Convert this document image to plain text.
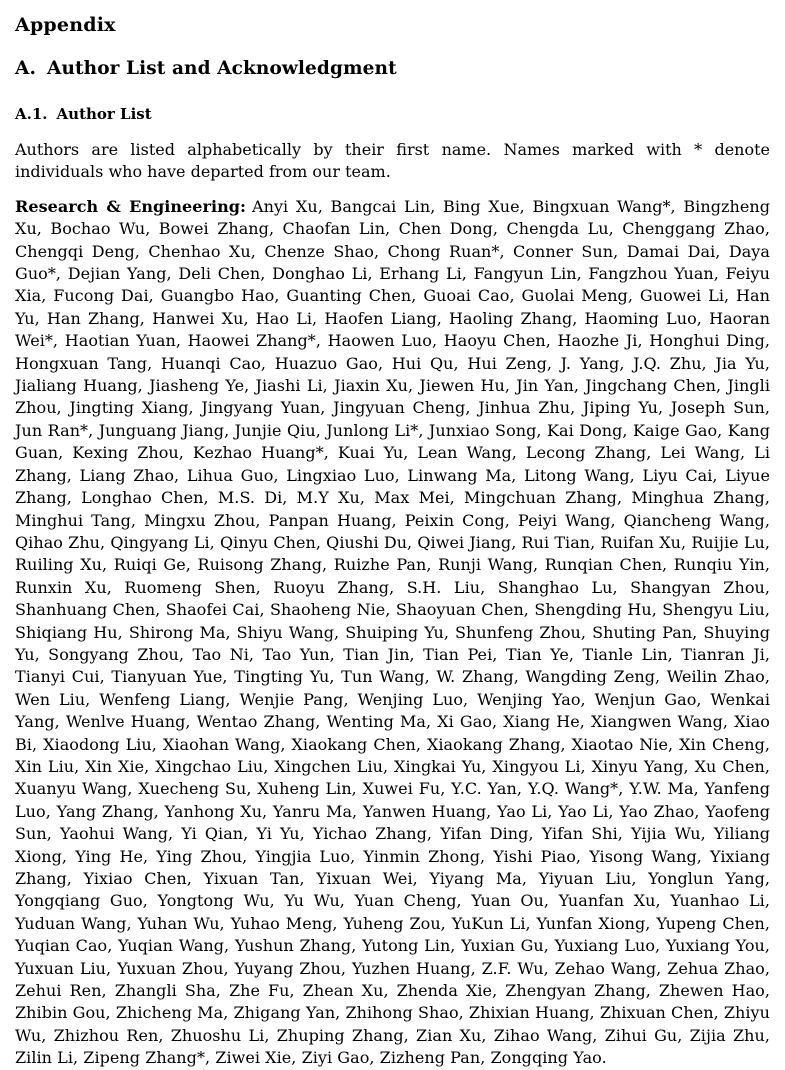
Appendix
A. Author List and Acknowledgment
A.1. Author List

Authors are listed alphabetically by their first name. Names marked with * denote individuals who have departed from our team.

Research & Engineering: Anyi Xu, Bangcai Lin, Bing Xue, Bingxuan Wang*, Bingzheng Xu, Bochao Wu, Bowei Zhang, Chaofan Lin, Chen Dong, Chengda Lu, Chenggang Zhao, Chengqi Deng, Chenhao Xu, Chenze Shao, Chong Ruan*, Conner Sun, Damai Dai, Daya Guo*, Dejian Yang, Deli Chen, Donghao Li, Erhang Li, Fangyun Lin, Fangzhou Yuan, Feiyu Xia, Fucong Dai, Guangbo Hao, Guanting Chen, Guoai Cao, Guolai Meng, Guowei Li, Han Yu, Han Zhang, Hanwei Xu, Hao Li, Haofen Liang, Haoling Zhang, Haoming Luo, Haoran Wei*, Haotian Yuan, Haowei Zhang*, Haowen Luo, Haoyu Chen, Haozhe Ji, Honghui Ding, Hongxuan Tang, Huanqi Cao, Huazuo Gao, Hui Qu, Hui Zeng, J. Yang, J.Q. Zhu, Jia Yu, Jialiang Huang, Jiasheng Ye, Jiashi Li, Jiaxin Xu, Jiewen Hu, Jin Yan, Jingchang Chen, Jingli Zhou, Jingting Xiang, Jingyang Yuan, Jingyuan Cheng, Jinhua Zhu, Jiping Yu, Joseph Sun, Jun Ran*, Junguang Jiang, Junjie Qiu, Junlong Li*, Junxiao Song, Kai Dong, Kaige Gao, Kang Guan, Kexing Zhou, Kezhao Huang*, Kuai Yu, Lean Wang, Lecong Zhang, Lei Wang, Li Zhang, Liang Zhao, Lihua Guo, Lingxiao Luo, Linwang Ma, Litong Wang, Liyu Cai, Liyue Zhang, Longhao Chen, M.S. Di, M.Y Xu, Max Mei, Mingchuan Zhang, Minghua Zhang, Minghui Tang, Mingxu Zhou, Panpan Huang, Peixin Cong, Peiyi Wang, Qiancheng Wang, Qihao Zhu, Qingyang Li, Qinyu Chen, Qiushi Du, Qiwei Jiang, Rui Tian, Ruifan Xu, Ruijie Lu, Ruiling Xu, Ruiqi Ge, Ruisong Zhang, Ruizhe Pan, Runji Wang, Runqian Chen, Runqiu Yin, Runxin Xu, Ruomeng Shen, Ruoyu Zhang, S.H. Liu, Shanghao Lu, Shangyan Zhou, Shanhuang Chen, Shaofei Cai, Shaoheng Nie, Shaoyuan Chen, Shengding Hu, Shengyu Liu, Shiqiang Hu, Shirong Ma, Shiyu Wang, Shuiping Yu, Shunfeng Zhou, Shuting Pan, Shuying Yu, Songyang Zhou, Tao Ni, Tao Yun, Tian Jin, Tian Pei, Tian Ye, Tianle Lin, Tianran Ji, Tianyi Cui, Tianyuan Yue, Tingting Yu, Tun Wang, W. Zhang, Wangding Zeng, Weilin Zhao, Wen Liu, Wenfeng Liang, Wenjie Pang, Wenjing Luo, Wenjing Yao, Wenjun Gao, Wenkai Yang, Wenlve Huang, Wentao Zhang, Wenting Ma, Xi Gao, Xiang He, Xiangwen Wang, Xiao Bi, Xiaodong Liu, Xiaohan Wang, Xiaokang Chen, Xiaokang Zhang, Xiaotao Nie, Xin Cheng, Xin Liu, Xin Xie, Xingchao Liu, Xingchen Liu, Xingkai Yu, Xingyou Li, Xinyu Yang, Xu Chen, Xuanyu Wang, Xuecheng Su, Xuheng Lin, Xuwei Fu, Y.C. Yan, Y.Q. Wang*, Y.W. Ma, Yanfeng Luo, Yang Zhang, Yanhong Xu, Yanru Ma, Yanwen Huang, Yao Li, Yao Li, Yao Zhao, Yaofeng Sun, Yaohui Wang, Yi Qian, Yi Yu, Yichao Zhang, Yifan Ding, Yifan Shi, Yijia Wu, Yiliang Xiong, Ying He, Ying Zhou, Yingjia Luo, Yinmin Zhong, Yishi Piao, Yisong Wang, Yixiang Zhang, Yixiao Chen, Yixuan Tan, Yixuan Wei, Yiyang Ma, Yiyuan Liu, Yonglun Yang, Yongqiang Guo, Yongtong Wu, Yu Wu, Yuan Cheng, Yuan Ou, Yuanfan Xu, Yuanhao Li, Yuduan Wang, Yuhan Wu, Yuhao Meng, Yuheng Zou, YuKun Li, Yunfan Xiong, Yupeng Chen, Yuqian Cao, Yuqian Wang, Yushun Zhang, Yutong Lin, Yuxian Gu, Yuxiang Luo, Yuxiang You, Yuxuan Liu, Yuxuan Zhou, Yuyang Zhou, Yuzhen Huang, Z.F. Wu, Zehao Wang, Zehua Zhao, Zehui Ren, Zhangli Sha, Zhe Fu, Zhean Xu, Zhenda Xie, Zhengyan Zhang, Zhewen Hao, Zhibin Gou, Zhicheng Ma, Zhigang Yan, Zhihong Shao, Zhixian Huang, Zhixuan Chen, Zhiyu Wu, Zhizhou Ren, Zhuoshu Li, Zhuping Zhang, Zian Xu, Zihao Wang, Zihui Gu, Zijia Zhu, Zilin Li, Zipeng Zhang*, Ziwei Xie, Ziyi Gao, Zizheng Pan, Zongqing Yao.
